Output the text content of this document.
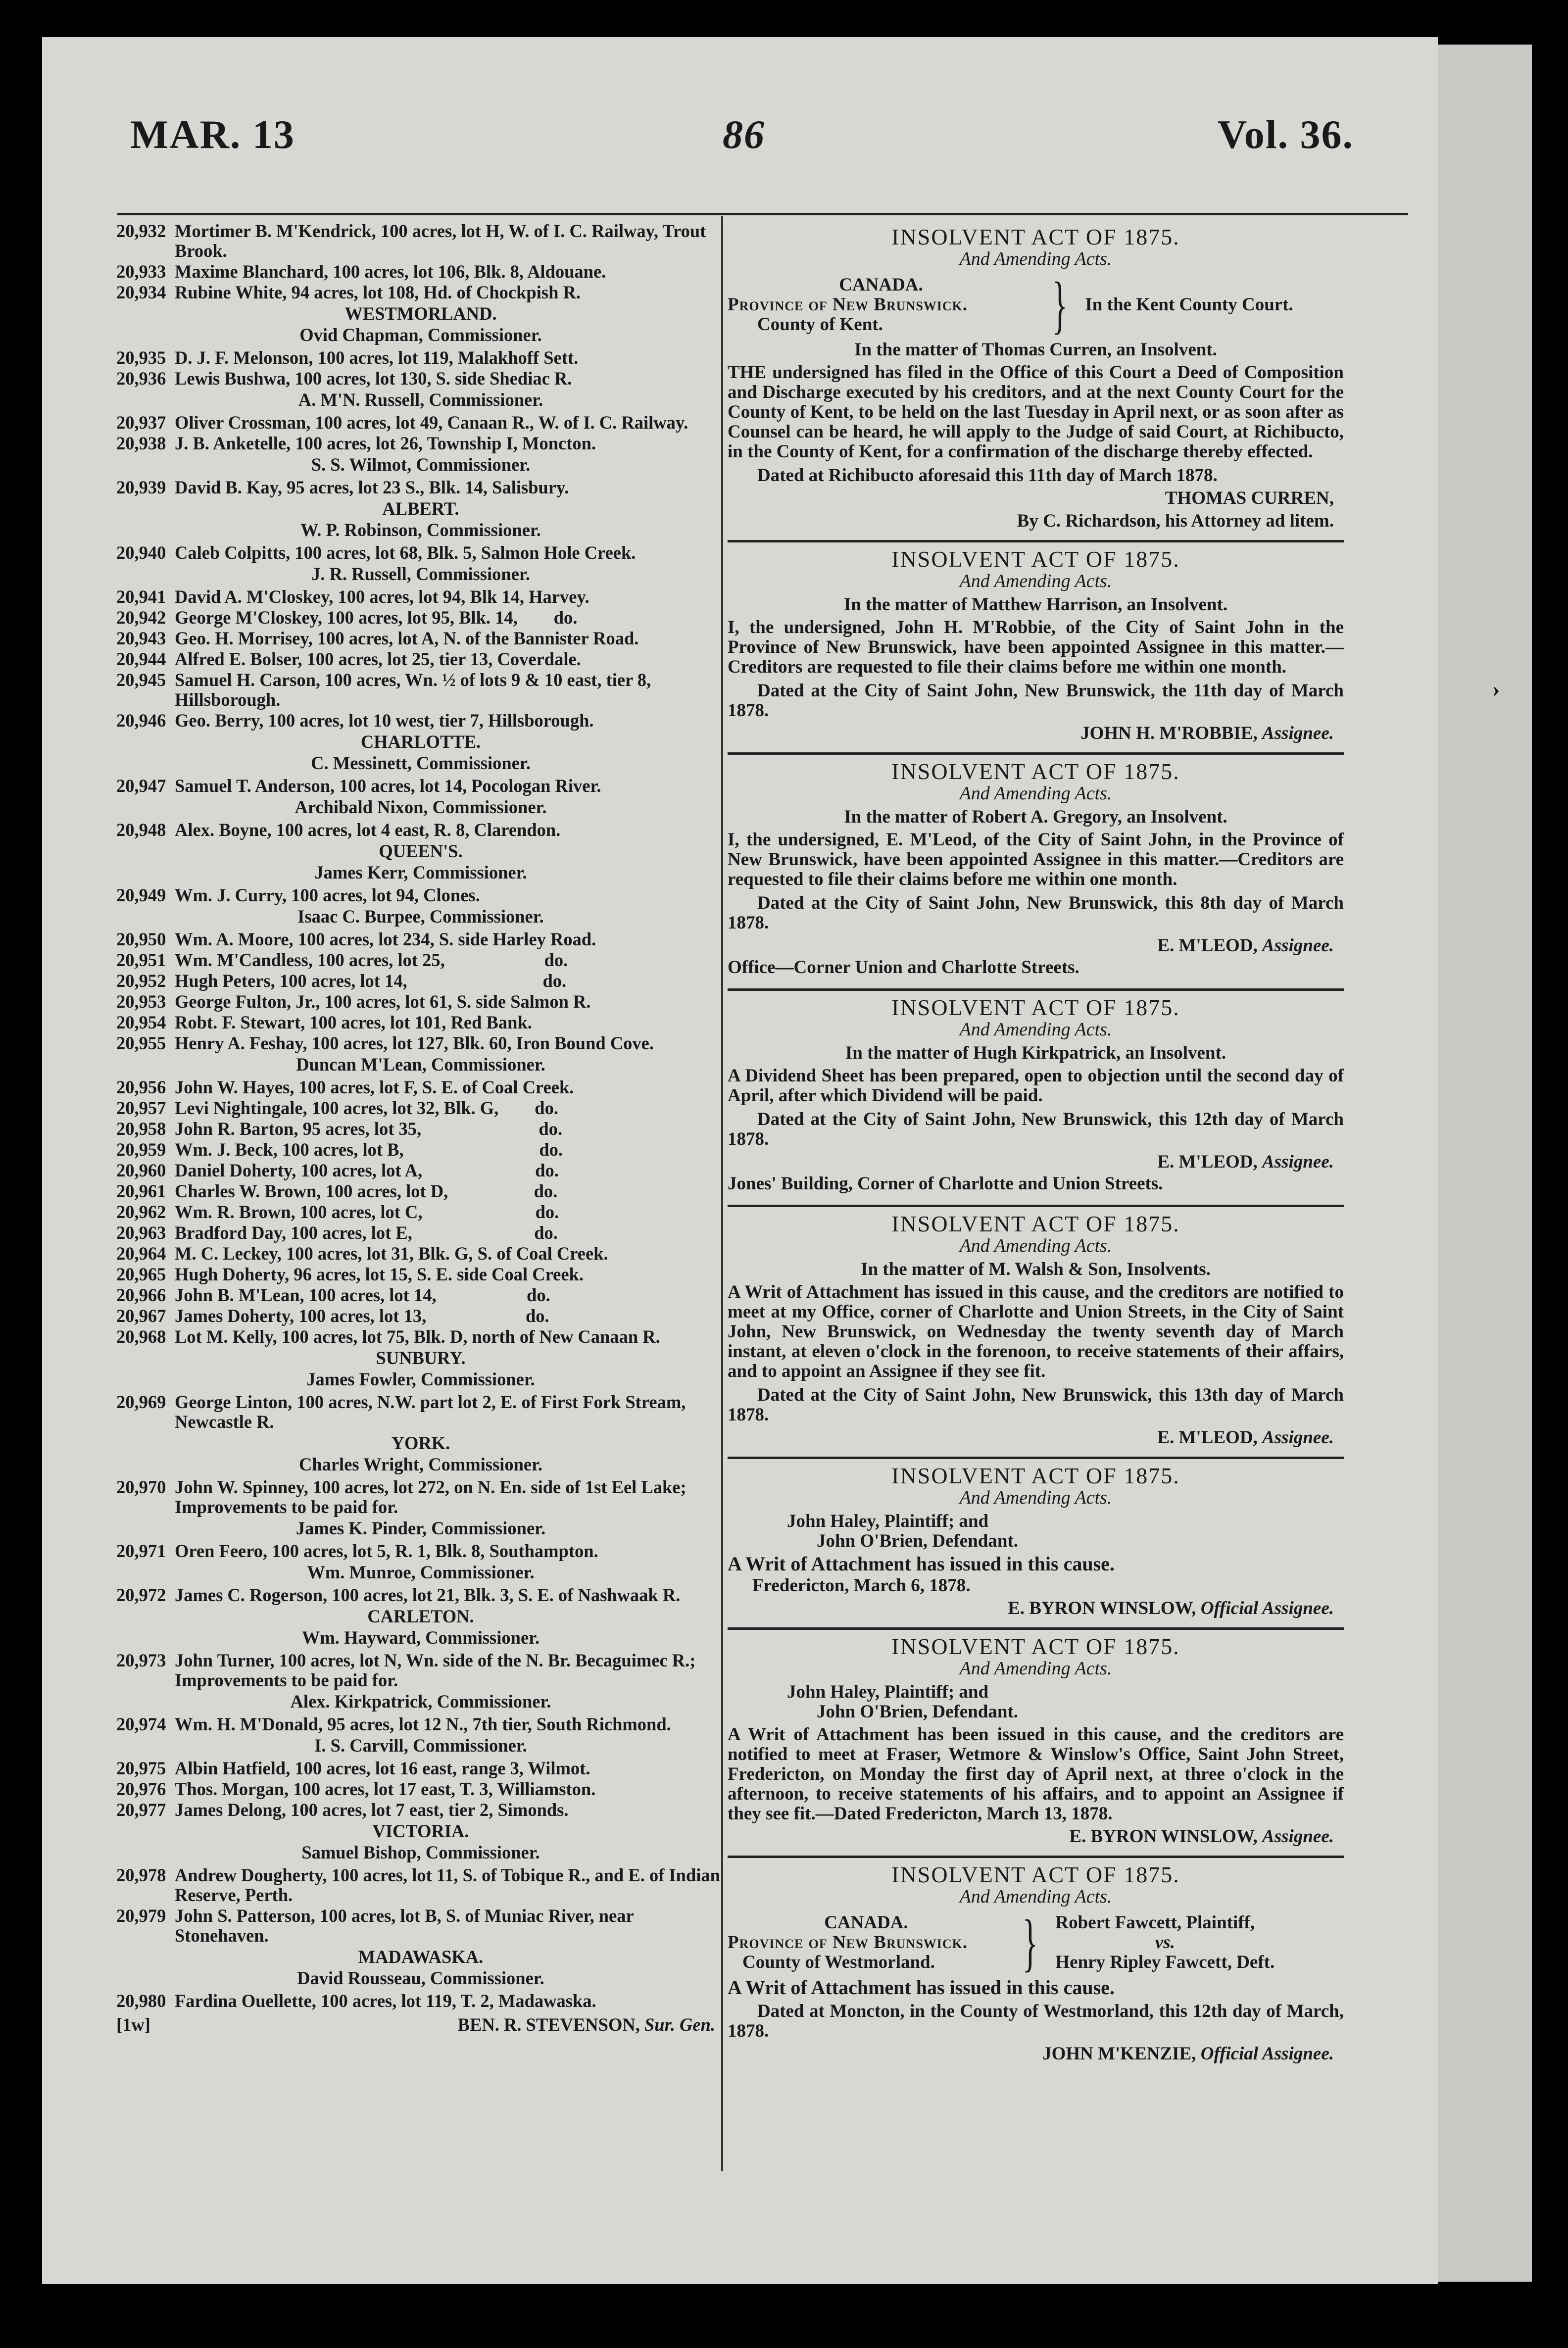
MAR. 13	86	Vol. 36.
20,932 Mortimer B. M'Kendrick, 100 acres, lot H, W. of I. C. Railway, Trout Brook.
20,933 Maxime Blanchard, 100 acres, lot 106, Blk. 8, Aldouane.
20,934 Rubine White, 94 acres, lot 108, Hd. of Chockpish R.
WESTMORLAND.
Ovid Chapman, Commissioner.
20,935 D. J. F. Melonson, 100 acres, lot 119, Malakhoff Sett.
20,936 Lewis Bushwa, 100 acres, lot 130, S. side Shediac R.
A. M'N. Russell, Commissioner.
20,937 Oliver Crossman, 100 acres, lot 49, Canaan R., W. of I. C. Railway.
20,938 J. B. Anketelle, 100 acres, lot 26, Township I, Moncton.
S. S. Wilmot, Commissioner.
20,939 David B. Kay, 95 acres, lot 23 S., Blk. 14, Salisbury.
ALBERT.
W. P. Robinson, Commissioner.
20,940 Caleb Colpitts, 100 acres, lot 68, Blk. 5, Salmon Hole Creek.
J. R. Russell, Commissioner.
20,941 David A. M'Closkey, 100 acres, lot 94, Blk 14, Harvey.
20,942 George M'Closkey, 100 acres, lot 95, Blk. 14,        do.
20,943 Geo. H. Morrisey, 100 acres, lot A, N. of the Bannister Road.
20,944 Alfred E. Bolser, 100 acres, lot 25, tier 13, Coverdale.
20,945 Samuel H. Carson, 100 acres, Wn. ½ of lots 9 & 10 east, tier 8, Hillsborough.
20,946 Geo. Berry, 100 acres, lot 10 west, tier 7, Hillsborough.
CHARLOTTE.
C. Messinett, Commissioner.
20,947 Samuel T. Anderson, 100 acres, lot 14, Pocologan River.
Archibald Nixon, Commissioner.
20,948 Alex. Boyne, 100 acres, lot 4 east, R. 8, Clarendon.
QUEEN'S.
James Kerr, Commissioner.
20,949 Wm. J. Curry, 100 acres, lot 94, Clones.
Isaac C. Burpee, Commissioner.
20,950 Wm. A. Moore, 100 acres, lot 234, S. side Harley Road.
20,951 Wm. M'Candless, 100 acres, lot 25,                      do.
20,952 Hugh Peters, 100 acres, lot 14,                              do.
20,953 George Fulton, Jr., 100 acres, lot 61, S. side Salmon R.
20,954 Robt. F. Stewart, 100 acres, lot 101, Red Bank.
20,955 Henry A. Feshay, 100 acres, lot 127, Blk. 60, Iron Bound Cove.
Duncan M'Lean, Commissioner.
20,956 John W. Hayes, 100 acres, lot F, S. E. of Coal Creek.
20,957 Levi Nightingale, 100 acres, lot 32, Blk. G,        do.
20,958 John R. Barton, 95 acres, lot 35,                          do.
20,959 Wm. J. Beck, 100 acres, lot B,                              do.
20,960 Daniel Doherty, 100 acres, lot A,                         do.
20,961 Charles W. Brown, 100 acres, lot D,                   do.
20,962 Wm. R. Brown, 100 acres, lot C,                         do.
20,963 Bradford Day, 100 acres, lot E,                           do.
20,964 M. C. Leckey, 100 acres, lot 31, Blk. G, S. of Coal Creek.
20,965 Hugh Doherty, 96 acres, lot 15, S. E. side Coal Creek.
20,966 John B. M'Lean, 100 acres, lot 14,                    do.
20,967 James Doherty, 100 acres, lot 13,                      do.
20,968 Lot M. Kelly, 100 acres, lot 75, Blk. D, north of New Canaan R.
SUNBURY.
James Fowler, Commissioner.
20,969 George Linton, 100 acres, N.W. part lot 2, E. of First Fork Stream, Newcastle R.
YORK.
Charles Wright, Commissioner.
20,970 John W. Spinney, 100 acres, lot 272, on N. En. side of 1st Eel Lake; Improvements to be paid for.
James K. Pinder, Commissioner.
20,971 Oren Feero, 100 acres, lot 5, R. 1, Blk. 8, Southampton.
Wm. Munroe, Commissioner.
20,972 James C. Rogerson, 100 acres, lot 21, Blk. 3, S. E. of Nashwaak R.
CARLETON.
Wm. Hayward, Commissioner.
20,973 John Turner, 100 acres, lot N, Wn. side of the N. Br. Becaguimec R.; Improvements to be paid for.
Alex. Kirkpatrick, Commissioner.
20,974 Wm. H. M'Donald, 95 acres, lot 12 N., 7th tier, South Richmond.
I. S. Carvill, Commissioner.
20,975 Albin Hatfield, 100 acres, lot 16 east, range 3, Wilmot.
20,976 Thos. Morgan, 100 acres, lot 17 east, T. 3, Williamston.
20,977 James Delong, 100 acres, lot 7 east, tier 2, Simonds.
VICTORIA.
Samuel Bishop, Commissioner.
20,978 Andrew Dougherty, 100 acres, lot 11, S. of Tobique R., and E. of Indian Reserve, Perth.
20,979 John S. Patterson, 100 acres, lot B, S. of Muniac River, near Stonehaven.
MADAWASKA.
David Rousseau, Commissioner.
20,980 Fardina Ouellette, 100 acres, lot 119, T. 2, Madawaska.
[1w]	BEN. R. STEVENSON, Sur. Gen.
INSOLVENT ACT OF 1875.
And Amending Acts.
CANADA.
Province of New Brunswick.
County of Kent.	} In the Kent County Court.
In the matter of Thomas Curren, an Insolvent.

THE undersigned has filed in the Office of this Court a Deed of Composition and Discharge executed by his creditors, and at the next County Court for the County of Kent, to be held on the last Tuesday in April next, or as soon after as Counsel can be heard, he will apply to the Judge of said Court, at Richibucto, in the County of Kent, for a confirmation of the discharge thereby effected.

Dated at Richibucto aforesaid this 11th day of March 1878.

THOMAS CURREN,
By C. Richardson, his Attorney ad litem.
INSOLVENT ACT OF 1875.
And Amending Acts.
In the matter of Matthew Harrison, an Insolvent.

I, the undersigned, John H. M'Robbie, of the City of Saint John in the Province of New Brunswick, have been appointed Assignee in this matter.—Creditors are requested to file their claims before me within one month.

Dated at the City of Saint John, New Brunswick, the 11th day of March 1878.

JOHN H. M'ROBBIE, Assignee.
INSOLVENT ACT OF 1875.
And Amending Acts.
In the matter of Robert A. Gregory, an Insolvent.

I, the undersigned, E. M'Leod, of the City of Saint John, in the Province of New Brunswick, have been appointed Assignee in this matter.—Creditors are requested to file their claims before me within one month.

Dated at the City of Saint John, New Brunswick, this 8th day of March 1878.

E. M'LEOD, Assignee.
Office—Corner Union and Charlotte Streets.
INSOLVENT ACT OF 1875.
And Amending Acts.
In the matter of Hugh Kirkpatrick, an Insolvent.

A Dividend Sheet has been prepared, open to objection until the second day of April, after which Dividend will be paid.

Dated at the City of Saint John, New Brunswick, this 12th day of March 1878.

E. M'LEOD, Assignee.
Jones' Building, Corner of Charlotte and Union Streets.
INSOLVENT ACT OF 1875.
And Amending Acts.
In the matter of M. Walsh & Son, Insolvents.

A Writ of Attachment has issued in this cause, and the creditors are notified to meet at my Office, corner of Charlotte and Union Streets, in the City of Saint John, New Brunswick, on Wednesday the twenty seventh day of March instant, at eleven o'clock in the forenoon, to receive statements of their affairs, and to appoint an Assignee if they see fit.

Dated at the City of Saint John, New Brunswick, this 13th day of March 1878.

E. M'LEOD, Assignee.
INSOLVENT ACT OF 1875.
And Amending Acts.
John Haley, Plaintiff; and
John O'Brien, Defendant.
A Writ of Attachment has issued in this cause.
Fredericton, March 6, 1878.
E. BYRON WINSLOW, Official Assignee.
INSOLVENT ACT OF 1875.
And Amending Acts.
John Haley, Plaintiff; and
John O'Brien, Defendant.

A Writ of Attachment has been issued in this cause, and the creditors are notified to meet at Fraser, Wetmore & Winslow's Office, Saint John Street, Fredericton, on Monday the first day of April next, at three o'clock in the afternoon, to receive statements of his affairs, and to appoint an Assignee if they see fit.—Dated Fredericton, March 13, 1878.

E. BYRON WINSLOW, Assignee.
INSOLVENT ACT OF 1875.
And Amending Acts.
CANADA.
Province of New Brunswick.
County of Westmorland.	} Robert Fawcett, Plaintiff,
vs.
Henry Ripley Fawcett, Deft.
A Writ of Attachment has issued in this cause.

Dated at Moncton, in the County of Westmorland, this 12th day of March, 1878.

JOHN M'KENZIE, Official Assignee.
›
